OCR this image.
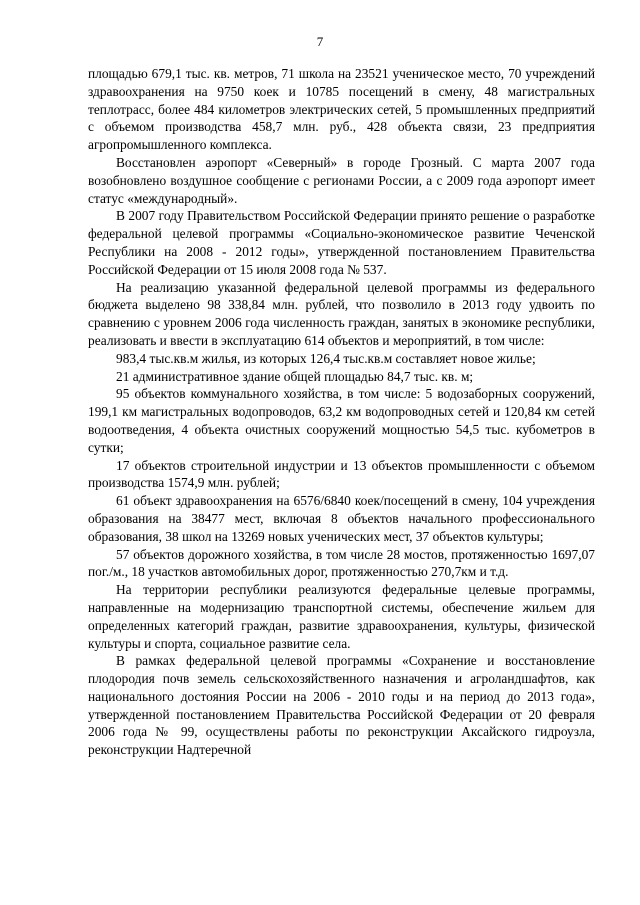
7

площадью 679,1 тыс. кв. метров, 71 школа на 23521 ученическое место, 70 учреждений здравоохранения на 9750 коек и 10785 посещений в смену, 48 магистральных теплотрасс, более 484 километров электрических сетей, 5 промышленных предприятий с объемом производства 458,7 млн. руб., 428 объекта связи, 23 предприятия агропромышленного комплекса.

Восстановлен аэропорт «Северный» в городе Грозный. С марта 2007 года возобновлено воздушное сообщение с регионами России, а с 2009 года аэропорт имеет статус «международный».

В 2007 году Правительством Российской Федерации принято решение о разработке федеральной целевой программы «Социально-экономическое развитие Чеченской Республики на 2008 - 2012 годы», утвержденной постановлением Правительства Российской Федерации от 15 июля 2008 года № 537.

На реализацию указанной федеральной целевой программы из федерального бюджета выделено 98 338,84 млн. рублей, что позволило в 2013 году удвоить по сравнению с уровнем 2006 года численность граждан, занятых в экономике республики, реализовать и ввести в эксплуатацию 614 объектов и мероприятий, в том числе:

983,4 тыс.кв.м жилья, из которых 126,4 тыс.кв.м составляет новое жилье;

21 административное здание общей площадью 84,7 тыс. кв. м;

95 объектов коммунального хозяйства, в том числе: 5 водозаборных сооружений, 199,1 км магистральных водопроводов, 63,2 км водопроводных сетей и 120,84 км сетей водоотведения, 4 объекта очистных сооружений мощностью 54,5 тыс. кубометров в сутки;

17 объектов строительной индустрии и 13 объектов промышленности с объемом производства 1574,9 млн. рублей;

61 объект здравоохранения на 6576/6840 коек/посещений в смену, 104 учреждения образования на 38477 мест, включая 8 объектов начального профессионального образования, 38 школ на 13269 новых ученических мест, 37 объектов культуры;

57 объектов дорожного хозяйства, в том числе 28 мостов, протяженностью 1697,07 пог./м., 18 участков автомобильных дорог, протяженностью 270,7км и т.д.

На территории республики реализуются федеральные целевые программы, направленные на модернизацию транспортной системы, обеспечение жильем для определенных категорий граждан, развитие здравоохранения, культуры, физической культуры и спорта, социальное развитие села.

В рамках федеральной целевой программы «Сохранение и восстановление плодородия почв земель сельскохозяйственного назначения и агроландшафтов, как национального достояния России на 2006 - 2010 годы и на период до 2013 года», утвержденной постановлением Правительства Российской Федерации от 20 февраля 2006 года № 99, осуществлены работы по реконструкции Аксайского гидроузла, реконструкции Надтеречной
